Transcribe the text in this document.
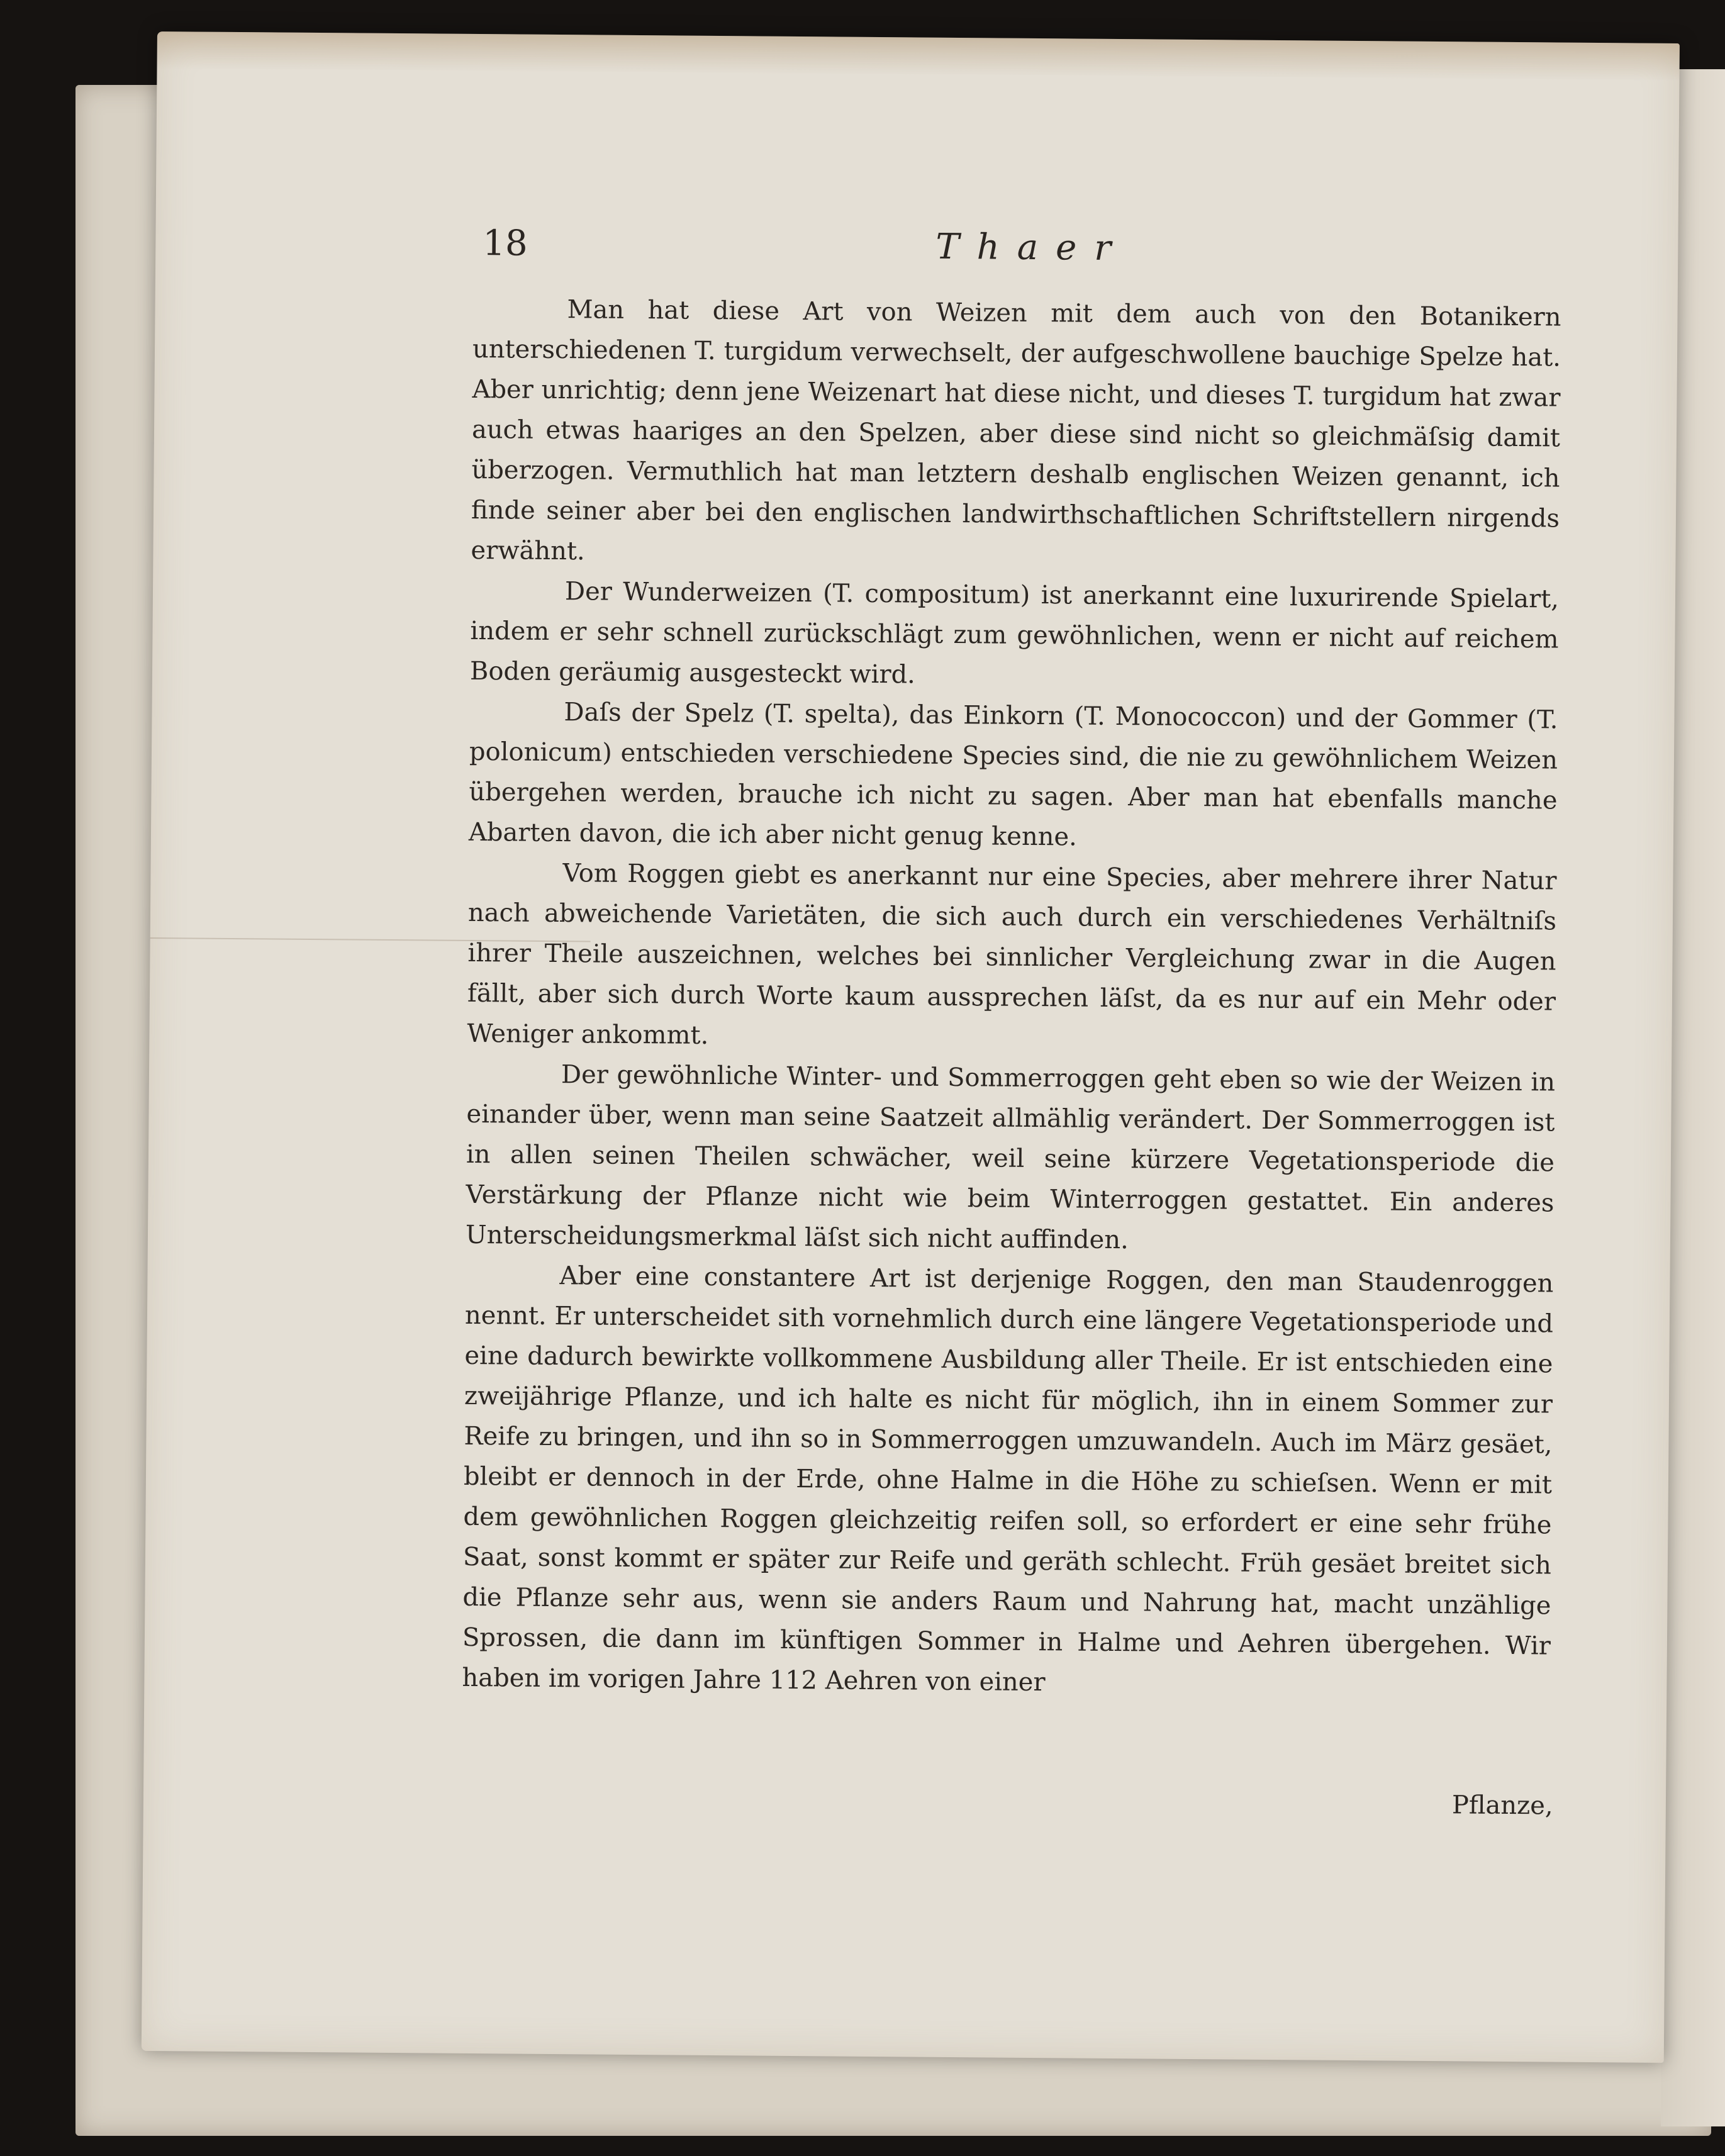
18	Thaer

Man hat diese Art von Weizen mit dem auch von den Botanikern unterschiedenen T. turgidum verwechselt, der aufgeschwollene bauchige Spelze hat. Aber unrichtig; denn jene Weizenart hat diese nicht, und dieses T. turgidum hat zwar auch etwas haariges an den Spelzen, aber diese sind nicht so gleichmäſsig damit überzogen. Vermuthlich hat man letztern deshalb englischen Weizen genannt, ich finde seiner aber bei den englischen landwirthschaftlichen Schriftstellern nirgends erwähnt.

Der Wunderweizen (T. compositum) ist anerkannt eine luxurirende Spielart, indem er sehr schnell zurückschlägt zum gewöhnlichen, wenn er nicht auf reichem Boden geräumig ausgesteckt wird.

Daſs der Spelz (T. spelta), das Einkorn (T. Monococcon) und der Gommer (T. polonicum) entschieden verschiedene Species sind, die nie zu gewöhnlichem Weizen übergehen werden, brauche ich nicht zu sagen. Aber man hat ebenfalls manche Abarten davon, die ich aber nicht genug kenne.

Vom Roggen giebt es anerkannt nur eine Species, aber mehrere ihrer Natur nach abweichende Varietäten, die sich auch durch ein verschiedenes Verhältniſs ihrer Theile auszeichnen, welches bei sinnlicher Vergleichung zwar in die Augen fällt, aber sich durch Worte kaum aussprechen läſst, da es nur auf ein Mehr oder Weniger ankommt.

Der gewöhnliche Winter- und Sommerroggen geht eben so wie der Weizen in einander über, wenn man seine Saatzeit allmählig verändert. Der Sommerroggen ist in allen seinen Theilen schwächer, weil seine kürzere Vegetationsperiode die Verstärkung der Pflanze nicht wie beim Winterroggen gestattet. Ein anderes Unterscheidungsmerkmal läſst sich nicht auffinden.

Aber eine constantere Art ist derjenige Roggen, den man Staudenroggen nennt. Er unterscheidet sith vornehmlich durch eine längere Vegetationsperiode und eine dadurch bewirkte vollkommene Ausbildung aller Theile. Er ist entschieden eine zweijährige Pflanze, und ich halte es nicht für möglich, ihn in einem Sommer zur Reife zu bringen, und ihn so in Sommerroggen umzuwandeln. Auch im März gesäet, bleibt er dennoch in der Erde, ohne Halme in die Höhe zu schieſsen. Wenn er mit dem gewöhnlichen Roggen gleichzeitig reifen soll, so erfordert er eine sehr frühe Saat, sonst kommt er später zur Reife und geräth schlecht. Früh gesäet breitet sich die Pflanze sehr aus, wenn sie anders Raum und Nahrung hat, macht unzählige Sprossen, die dann im künftigen Sommer in Halme und Aehren übergehen. Wir haben im vorigen Jahre 112 Aehren von einer

Pflanze,
